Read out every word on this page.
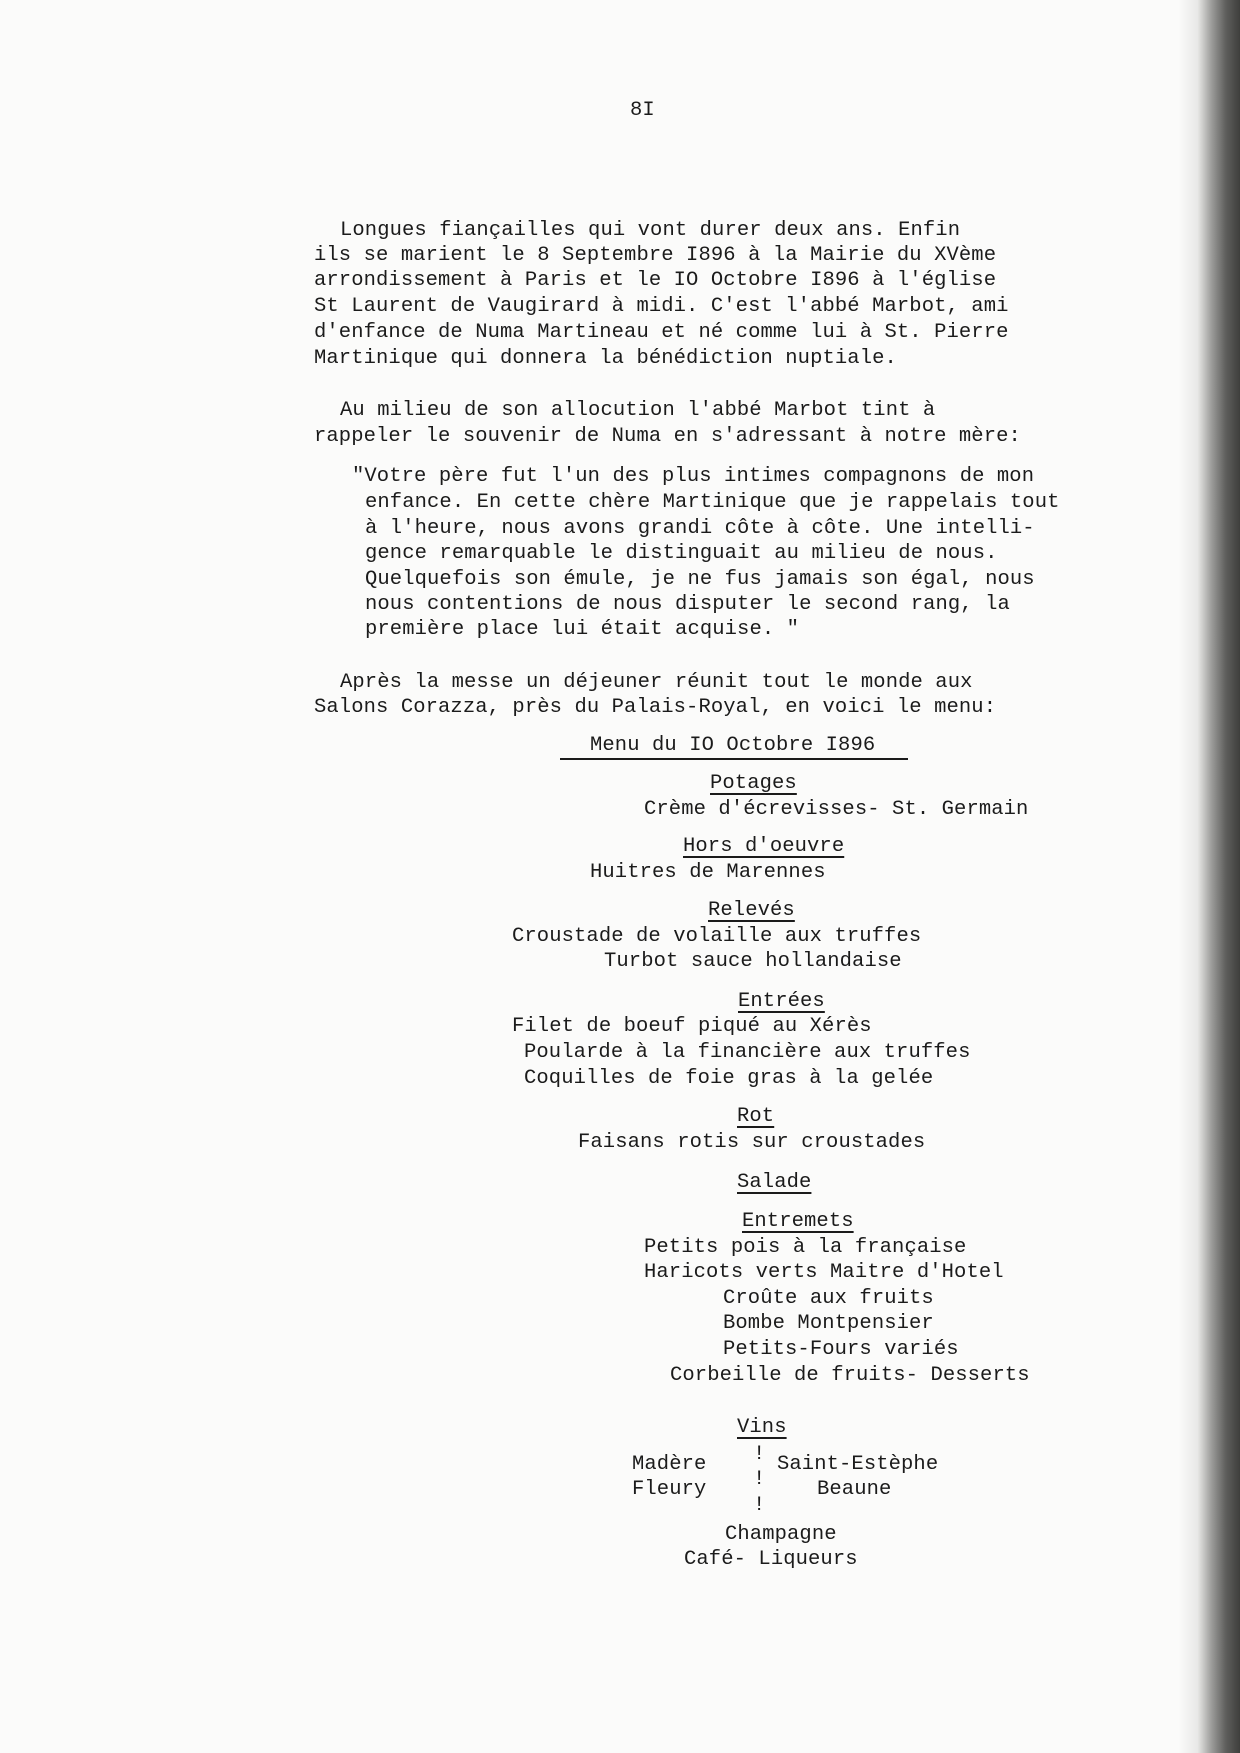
8I
Longues fiançailles qui vont durer deux ans. Enfin
ils se marient le 8 Septembre I896 à la Mairie du XVème
arrondissement à Paris et le IO Octobre I896 à l'église
St Laurent de Vaugirard à midi. C'est l'abbé Marbot, ami
d'enfance de Numa Martineau et né comme lui à St. Pierre
Martinique qui donnera la bénédiction nuptiale.
Au milieu de son allocution l'abbé Marbot tint à
rappeler le souvenir de Numa en s'adressant à notre mère:
"Votre père fut l'un des plus intimes compagnons de mon
enfance. En cette chère Martinique que je rappelais tout
à l'heure, nous avons grandi côte à côte. Une intelli-
gence remarquable le distinguait au milieu de nous.
Quelquefois son émule, je ne fus jamais son égal, nous
nous contentions de nous disputer le second rang, la
première place lui était acquise. "
Après la messe un déjeuner réunit tout le monde aux
Salons Corazza, près du Palais-Royal, en voici le menu:
Menu du IO Octobre I896
Potages
Crème d'écrevisses- St. Germain
Hors d'oeuvre
Huitres de Marennes
Relevés
Croustade de volaille aux truffes
Turbot sauce hollandaise
Entrées
Filet de boeuf piqué au Xérès
Poularde à la financière aux truffes
Coquilles de foie gras à la gelée
Rot
Faisans rotis sur croustades
Salade
Entremets
Petits pois à la française
Haricots verts Maitre d'Hotel
Croûte aux fruits
Bombe Montpensier
Petits-Fours variés
Corbeille de fruits- Desserts
Vins
Madère
Fleury
!
!
!
Saint-Estèphe
Beaune
Champagne
Café- Liqueurs
